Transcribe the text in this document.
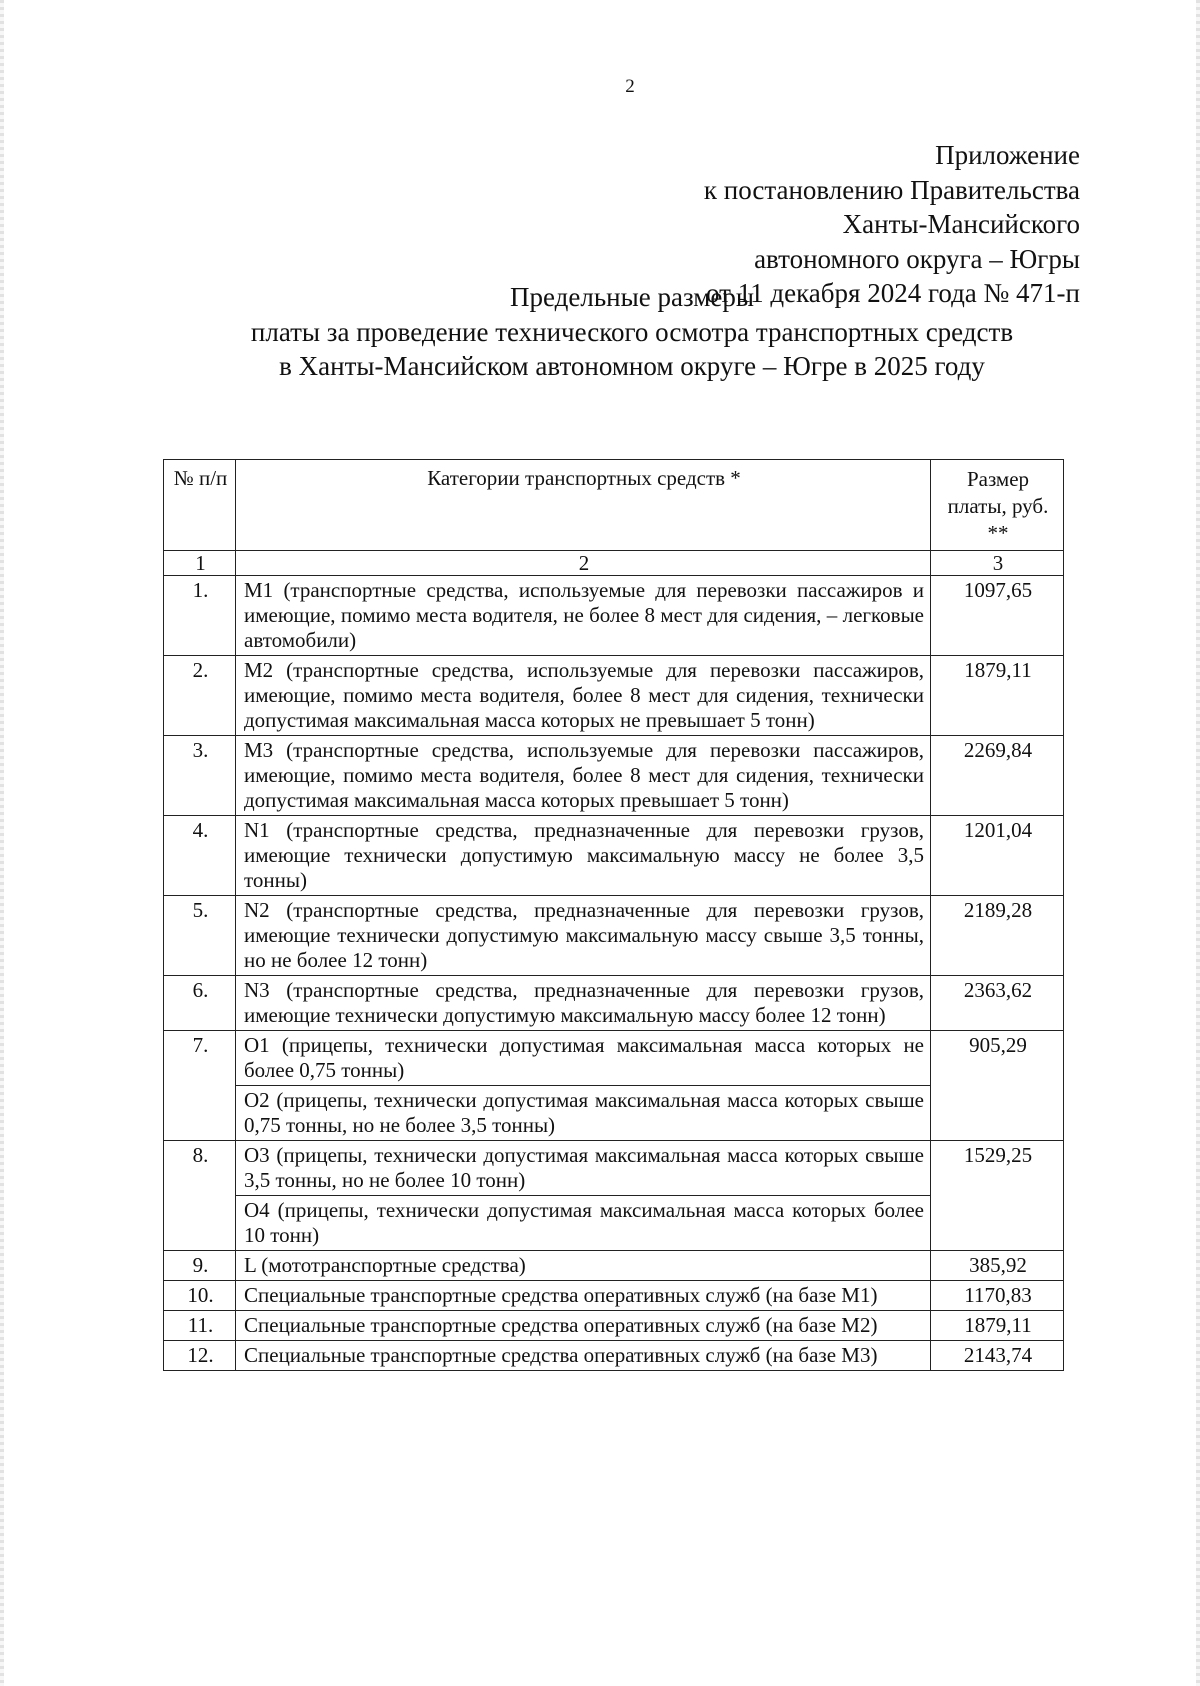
2
Приложение
к постановлению Правительства
Ханты-Мансийского
автономного округа – Югры
от 11 декабря 2024 года № 471-п
Предельные размеры
платы за проведение технического осмотра транспортных средств
в Ханты-Мансийском автономном округе – Югре в 2025 году
№ п/п	Категории транспортных средств *	Размер платы, руб. **
1	2	3
1.	M1 (транспортные средства, используемые для перевозки пассажиров и имеющие, помимо места водителя, не более 8 мест для сидения, – легковые автомобили)	1097,65
2.	M2 (транспортные средства, используемые для перевозки пассажиров, имеющие, помимо места водителя, более 8 мест для сидения, технически допустимая максимальная масса которых не превышает 5 тонн)	1879,11
3.	M3 (транспортные средства, используемые для перевозки пассажиров, имеющие, помимо места водителя, более 8 мест для сидения, технически допустимая максимальная масса которых превышает 5 тонн)	2269,84
4.	N1 (транспортные средства, предназначенные для перевозки грузов, имеющие технически допустимую максимальную массу не более 3,5 тонны)	1201,04
5.	N2 (транспортные средства, предназначенные для перевозки грузов, имеющие технически допустимую максимальную массу свыше 3,5 тонны, но не более 12 тонн)	2189,28
6.	N3 (транспортные средства, предназначенные для перевозки грузов, имеющие технически допустимую максимальную массу более 12 тонн)	2363,62
7.	O1 (прицепы, технически допустимая максимальная масса которых не более 0,75 тонны)	905,29
	O2 (прицепы, технически допустимая максимальная масса которых свыше 0,75 тонны, но не более 3,5 тонны)	
8.	O3 (прицепы, технически допустимая максимальная масса которых свыше 3,5 тонны, но не более 10 тонн)	1529,25
	O4 (прицепы, технически допустимая максимальная масса которых более 10 тонн)	
9.	L (мототранспортные средства)	385,92
10.	Специальные транспортные средства оперативных служб (на базе M1)	1170,83
11.	Специальные транспортные средства оперативных служб (на базе M2)	1879,11
12.	Специальные транспортные средства оперативных служб (на базе M3)	2143,74
